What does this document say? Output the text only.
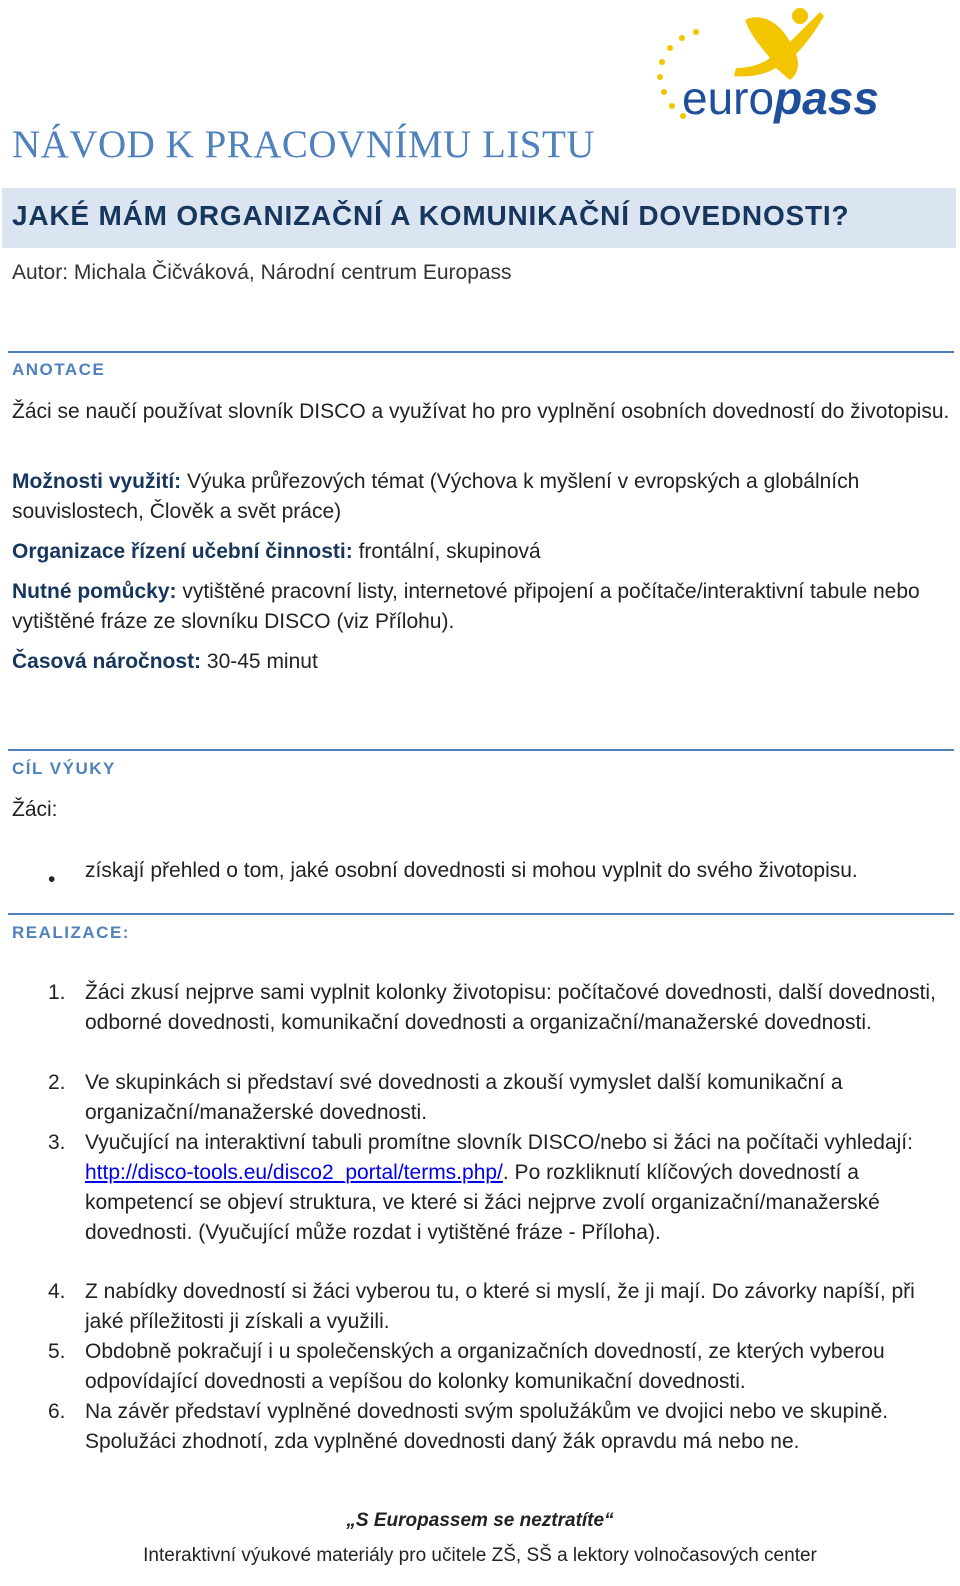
europass
NÁVOD K PRACOVNÍMU LISTU
JAKÉ MÁM ORGANIZAČNÍ A KOMUNIKAČNÍ DOVEDNOSTI?
Autor: Michala Čičváková, Národní centrum Europass
ANOTACE
Žáci se naučí používat slovník DISCO a využívat ho pro vyplnění osobních dovedností do životopisu.
Možnosti využití: Výuka průřezových témat (Výchova k myšlení v evropských a globálních souvislostech, Člověk a svět práce)
Organizace řízení učební činnosti: frontální, skupinová
Nutné pomůcky: vytištěné pracovní listy, internetové připojení a počítače/interaktivní tabule nebo vytištěné fráze ze slovníku DISCO (viz Přílohu).
Časová náročnost: 30-45 minut
CÍL VÝUKY
Žáci:
• získají přehled o tom, jaké osobní dovednosti si mohou vyplnit do svého životopisu.
REALIZACE:
1. Žáci zkusí nejprve sami vyplnit kolonky životopisu: počítačové dovednosti, další dovednosti, odborné dovednosti, komunikační dovednosti a organizační/manažerské dovednosti.
2. Ve skupinkách si představí své dovednosti a zkouší vymyslet další komunikační a organizační/manažerské dovednosti.
3. Vyučující na interaktivní tabuli promítne slovník DISCO/nebo si žáci na počítači vyhledají: http://disco-tools.eu/disco2_portal/terms.php/. Po rozkliknutí klíčových dovedností a kompetencí se objeví struktura, ve které si žáci nejprve zvolí organizační/manažerské dovednosti. (Vyučující může rozdat i vytištěné fráze - Příloha).
4. Z nabídky dovedností si žáci vyberou tu, o které si myslí, že ji mají. Do závorky napíší, při jaké příležitosti ji získali a využili.
5. Obdobně pokračují i u společenských a organizačních dovedností, ze kterých vyberou odpovídající dovednosti a vepíšou do kolonky komunikační dovednosti.
6. Na závěr představí vyplněné dovednosti svým spolužákům ve dvojici nebo ve skupině. Spolužáci zhodnotí, zda vyplněné dovednosti daný žák opravdu má nebo ne.
„S Europassem se neztratíte“
Interaktivní výukové materiály pro učitele ZŠ, SŠ a lektory volnočasových center
